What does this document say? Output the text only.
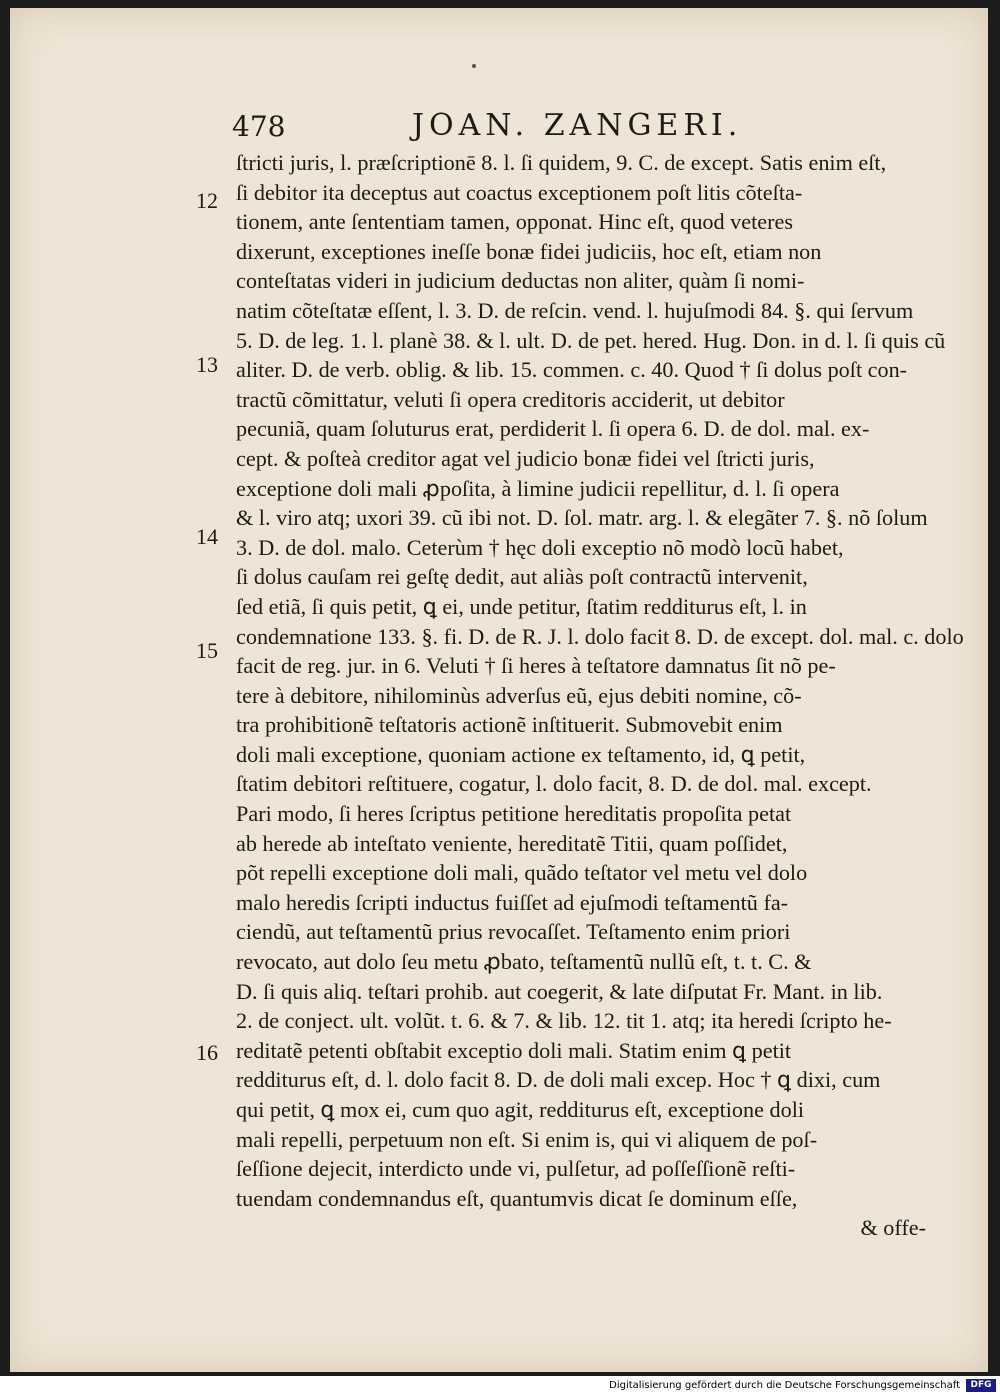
478	JOAN. ZANGERI.
12
13
14
15
16
ſtricti juris, l. præſcriptionē 8. l. ſi quidem, 9. C. de except. Satis enim eſt,
ſi debitor ita deceptus aut coactus exceptionem poſt litis cõteſta-
tionem, ante ſententiam tamen, opponat. Hinc eſt, quod veteres
dixerunt, exceptiones ineſſe bonæ fidei judiciis, hoc eſt, etiam non
conteſtatas videri in judicium deductas non aliter, quàm ſi nomi-
natim cõteſtatæ eſſent, l. 3. D. de reſcin. vend. l. hujuſmodi 84. §. qui ſervum
5. D. de leg. 1. l. planè 38. & l. ult. D. de pet. hered. Hug. Don. in d. l. ſi quis cũ
aliter. D. de verb. oblig. & lib. 15. commen. c. 40. Quod † ſi dolus poſt con-
tractũ cõmittatur, veluti ſi opera creditoris acciderit, ut debitor
pecuniã, quam ſoluturus erat, perdiderit l. ſi opera 6. D. de dol. mal. ex-
cept. & poſteà creditor agat vel judicio bonæ fidei vel ſtricti juris,
exceptione doli mali ꝓpoſita, à limine judicii repellitur, d. l. ſi opera
& l. viro atq; uxori 39. cũ ibi not. D. ſol. matr. arg. l. & elegãter 7. §. nõ ſolum
3. D. de dol. malo. Ceterùm † hęc doli exceptio nõ modò locũ habet,
ſi dolus cauſam rei geſtę dedit, aut aliàs poſt contractũ intervenit,
ſed etiã, ſi quis petit, ꝗ ei, unde petitur, ſtatim redditurus eſt, l. in
condemnatione 133. §. fi. D. de R. J. l. dolo facit 8. D. de except. dol. mal. c. dolo
facit de reg. jur. in 6. Veluti † ſi heres à teſtatore damnatus ſit nõ pe-
tere à debitore, nihilominùs adverſus eũ, ejus debiti nomine, cõ-
tra prohibitionẽ teſtatoris actionẽ inſtituerit. Submovebit enim
doli mali exceptione, quoniam actione ex teſtamento, id, ꝗ petit,
ſtatim debitori reſtituere, cogatur, l. dolo facit, 8. D. de dol. mal. except.
Pari modo, ſi heres ſcriptus petitione hereditatis propoſita petat
ab herede ab inteſtato veniente, hereditatẽ Titii, quam poſſidet,
põt repelli exceptione doli mali, quãdo teſtator vel metu vel dolo
malo heredis ſcripti inductus fuiſſet ad ejuſmodi teſtamentũ fa-
ciendũ, aut teſtamentũ prius revocaſſet. Teſtamento enim priori
revocato, aut dolo ſeu metu ꝓbato, teſtamentũ nullũ eſt, t. t. C. &
D. ſi quis aliq. teſtari prohib. aut coegerit, & late diſputat Fr. Mant. in lib.
2. de conject. ult. volũt. t. 6. & 7. & lib. 12. tit 1. atq; ita heredi ſcripto he-
reditatẽ petenti obſtabit exceptio doli mali. Statim enim ꝗ petit
redditurus eſt, d. l. dolo facit 8. D. de doli mali excep. Hoc † ꝗ dixi, cum
qui petit, ꝗ mox ei, cum quo agit, redditurus eſt, exceptione doli
mali repelli, perpetuum non eſt. Si enim is, qui vi aliquem de poſ-
ſeſſione dejecit, interdicto unde vi, pulſetur, ad poſſeſſionẽ reſti-
tuendam condemnandus eſt, quantumvis dicat ſe dominum eſſe,
& offe-
Digitalisierung gefördert durch die Deutsche Forschungsgemeinschaft	DFG
